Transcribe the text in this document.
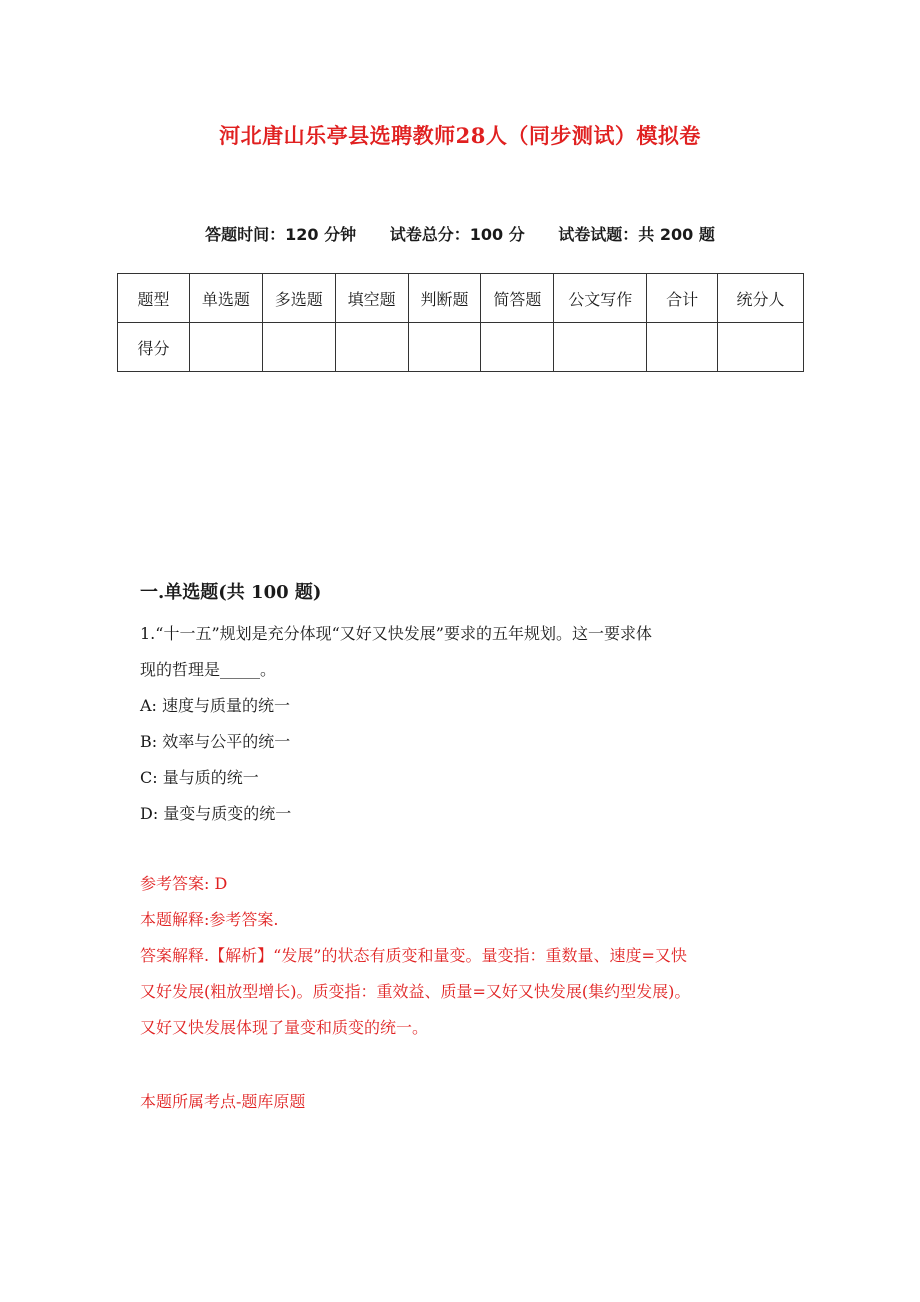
河北唐山乐亭县选聘教师28人（同步测试）模拟卷
答题时间：120 分钟 试卷总分：100 分 试卷试题：共 200 题
题型	单选题	多选题	填空题	判断题	简答题	公文写作	合计	统分人
得分								
一.单选题(共 100 题)
1.“十一五”规划是充分体现“又好又快发展”要求的五年规划。这一要求体
现的哲理是_____。
A: 速度与质量的统一
B: 效率与公平的统一
C: 量与质的统一
D: 量变与质变的统一
参考答案: D
本题解释:参考答案.
答案解释.【解析】“发展”的状态有质变和量变。量变指：重数量、速度=又快
又好发展(粗放型增长)。质变指：重效益、质量=又好又快发展(集约型发展)。
又好又快发展体现了量变和质变的统一。
本题所属考点-题库原题
